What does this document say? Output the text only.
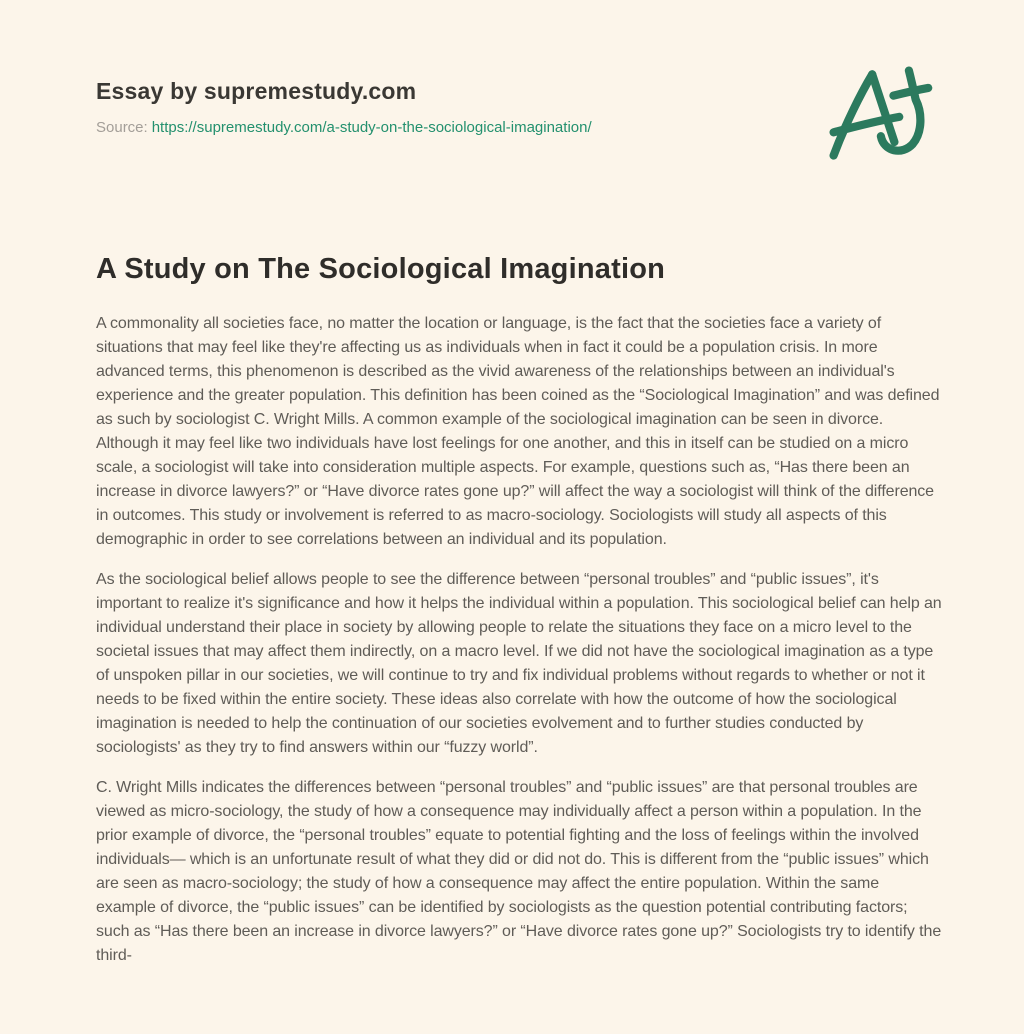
Essay by supremestudy.com

Source: https://supremestudy.com/a-study-on-the-sociological-imagination/

A Study on The Sociological Imagination

A commonality all societies face, no matter the location or language, is the fact that the societies face a variety of situations that may feel like they're affecting us as individuals when in fact it could be a population crisis. In more advanced terms, this phenomenon is described as the vivid awareness of the relationships between an individual's experience and the greater population. This definition has been coined as the “Sociological Imagination” and was defined as such by sociologist C. Wright Mills. A common example of the sociological imagination can be seen in divorce. Although it may feel like two individuals have lost feelings for one another, and this in itself can be studied on a micro scale, a sociologist will take into consideration multiple aspects. For example, questions such as, “Has there been an increase in divorce lawyers?” or “Have divorce rates gone up?” will affect the way a sociologist will think of the difference in outcomes. This study or involvement is referred to as macro-sociology. Sociologists will study all aspects of this demographic in order to see correlations between an individual and its population.

As the sociological belief allows people to see the difference between “personal troubles” and “public issues”, it's important to realize it's significance and how it helps the individual within a population. This sociological belief can help an individual understand their place in society by allowing people to relate the situations they face on a micro level to the societal issues that may affect them indirectly, on a macro level. If we did not have the sociological imagination as a type of unspoken pillar in our societies, we will continue to try and fix individual problems without regards to whether or not it needs to be fixed within the entire society. These ideas also correlate with how the outcome of how the sociological imagination is needed to help the continuation of our societies evolvement and to further studies conducted by sociologists' as they try to find answers within our “fuzzy world”.

C. Wright Mills indicates the differences between “personal troubles” and “public issues” are that personal troubles are viewed as micro-sociology, the study of how a consequence may individually affect a person within a population. In the prior example of divorce, the “personal troubles” equate to potential fighting and the loss of feelings within the involved individuals— which is an unfortunate result of what they did or did not do. This is different from the “public issues” which are seen as macro-sociology; the study of how a consequence may affect the entire population. Within the same example of divorce, the “public issues” can be identified by sociologists as the question potential contributing factors; such as “Has there been an increase in divorce lawyers?” or “Have divorce rates gone up?” Sociologists try to identify the third-
